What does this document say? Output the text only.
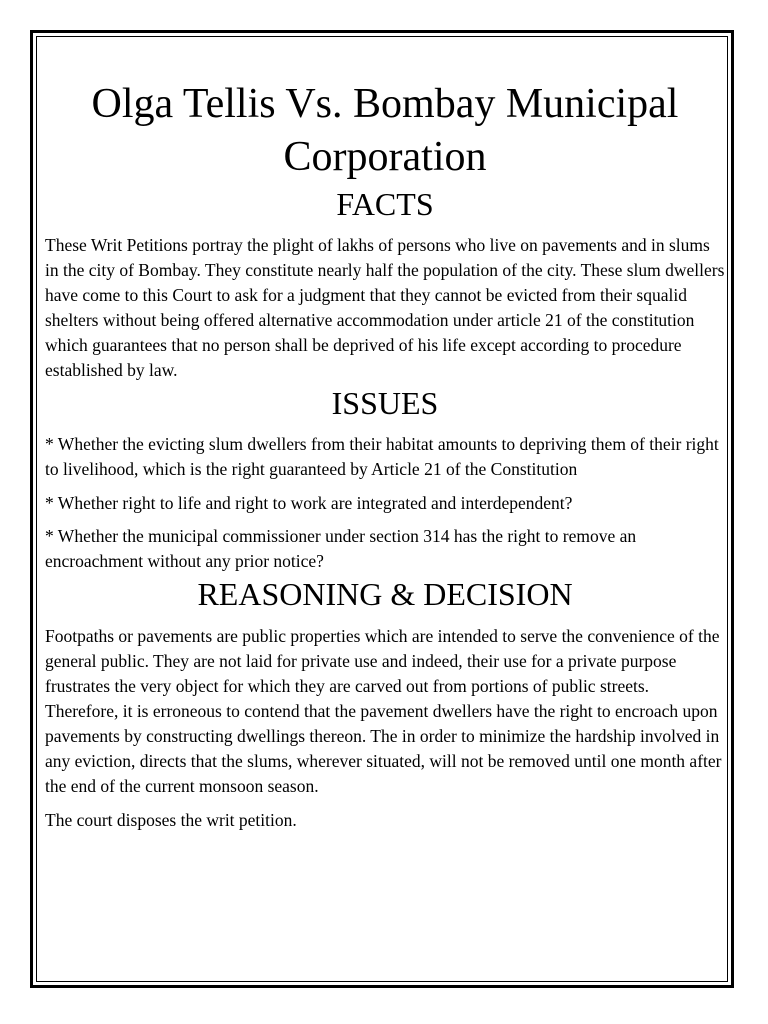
Olga Tellis Vs. Bombay Municipal Corporation
FACTS

These Writ Petitions portray the plight of lakhs of persons who live on pavements and in slums in the city of Bombay. They constitute nearly half the population of the city. These slum dwellers have come to this Court to ask for a judgment that they cannot be evicted from their squalid shelters without being offered alternative accommodation under article 21 of the constitution which guarantees that no person shall be deprived of his life except according to procedure established by law.

ISSUES

* Whether the evicting slum dwellers from their habitat amounts to depriving them of their right to livelihood, which is the right guaranteed by Article 21 of the Constitution

* Whether right to life and right to work are integrated and interdependent?

* Whether the municipal commissioner under section 314 has the right to remove an encroachment without any prior notice?

REASONING & DECISION

Footpaths or pavements are public properties which are intended to serve the convenience of the general public. They are not laid for private use and indeed, their use for a private purpose frustrates the very object for which they are carved out from portions of public streets. Therefore, it is erroneous to contend that the pavement dwellers have the right to encroach upon pavements by constructing dwellings thereon. The in order to minimize the hardship involved in any eviction, directs that the slums, wherever situated, will not be removed until one month after the end of the current monsoon season.

The court disposes the writ petition.
